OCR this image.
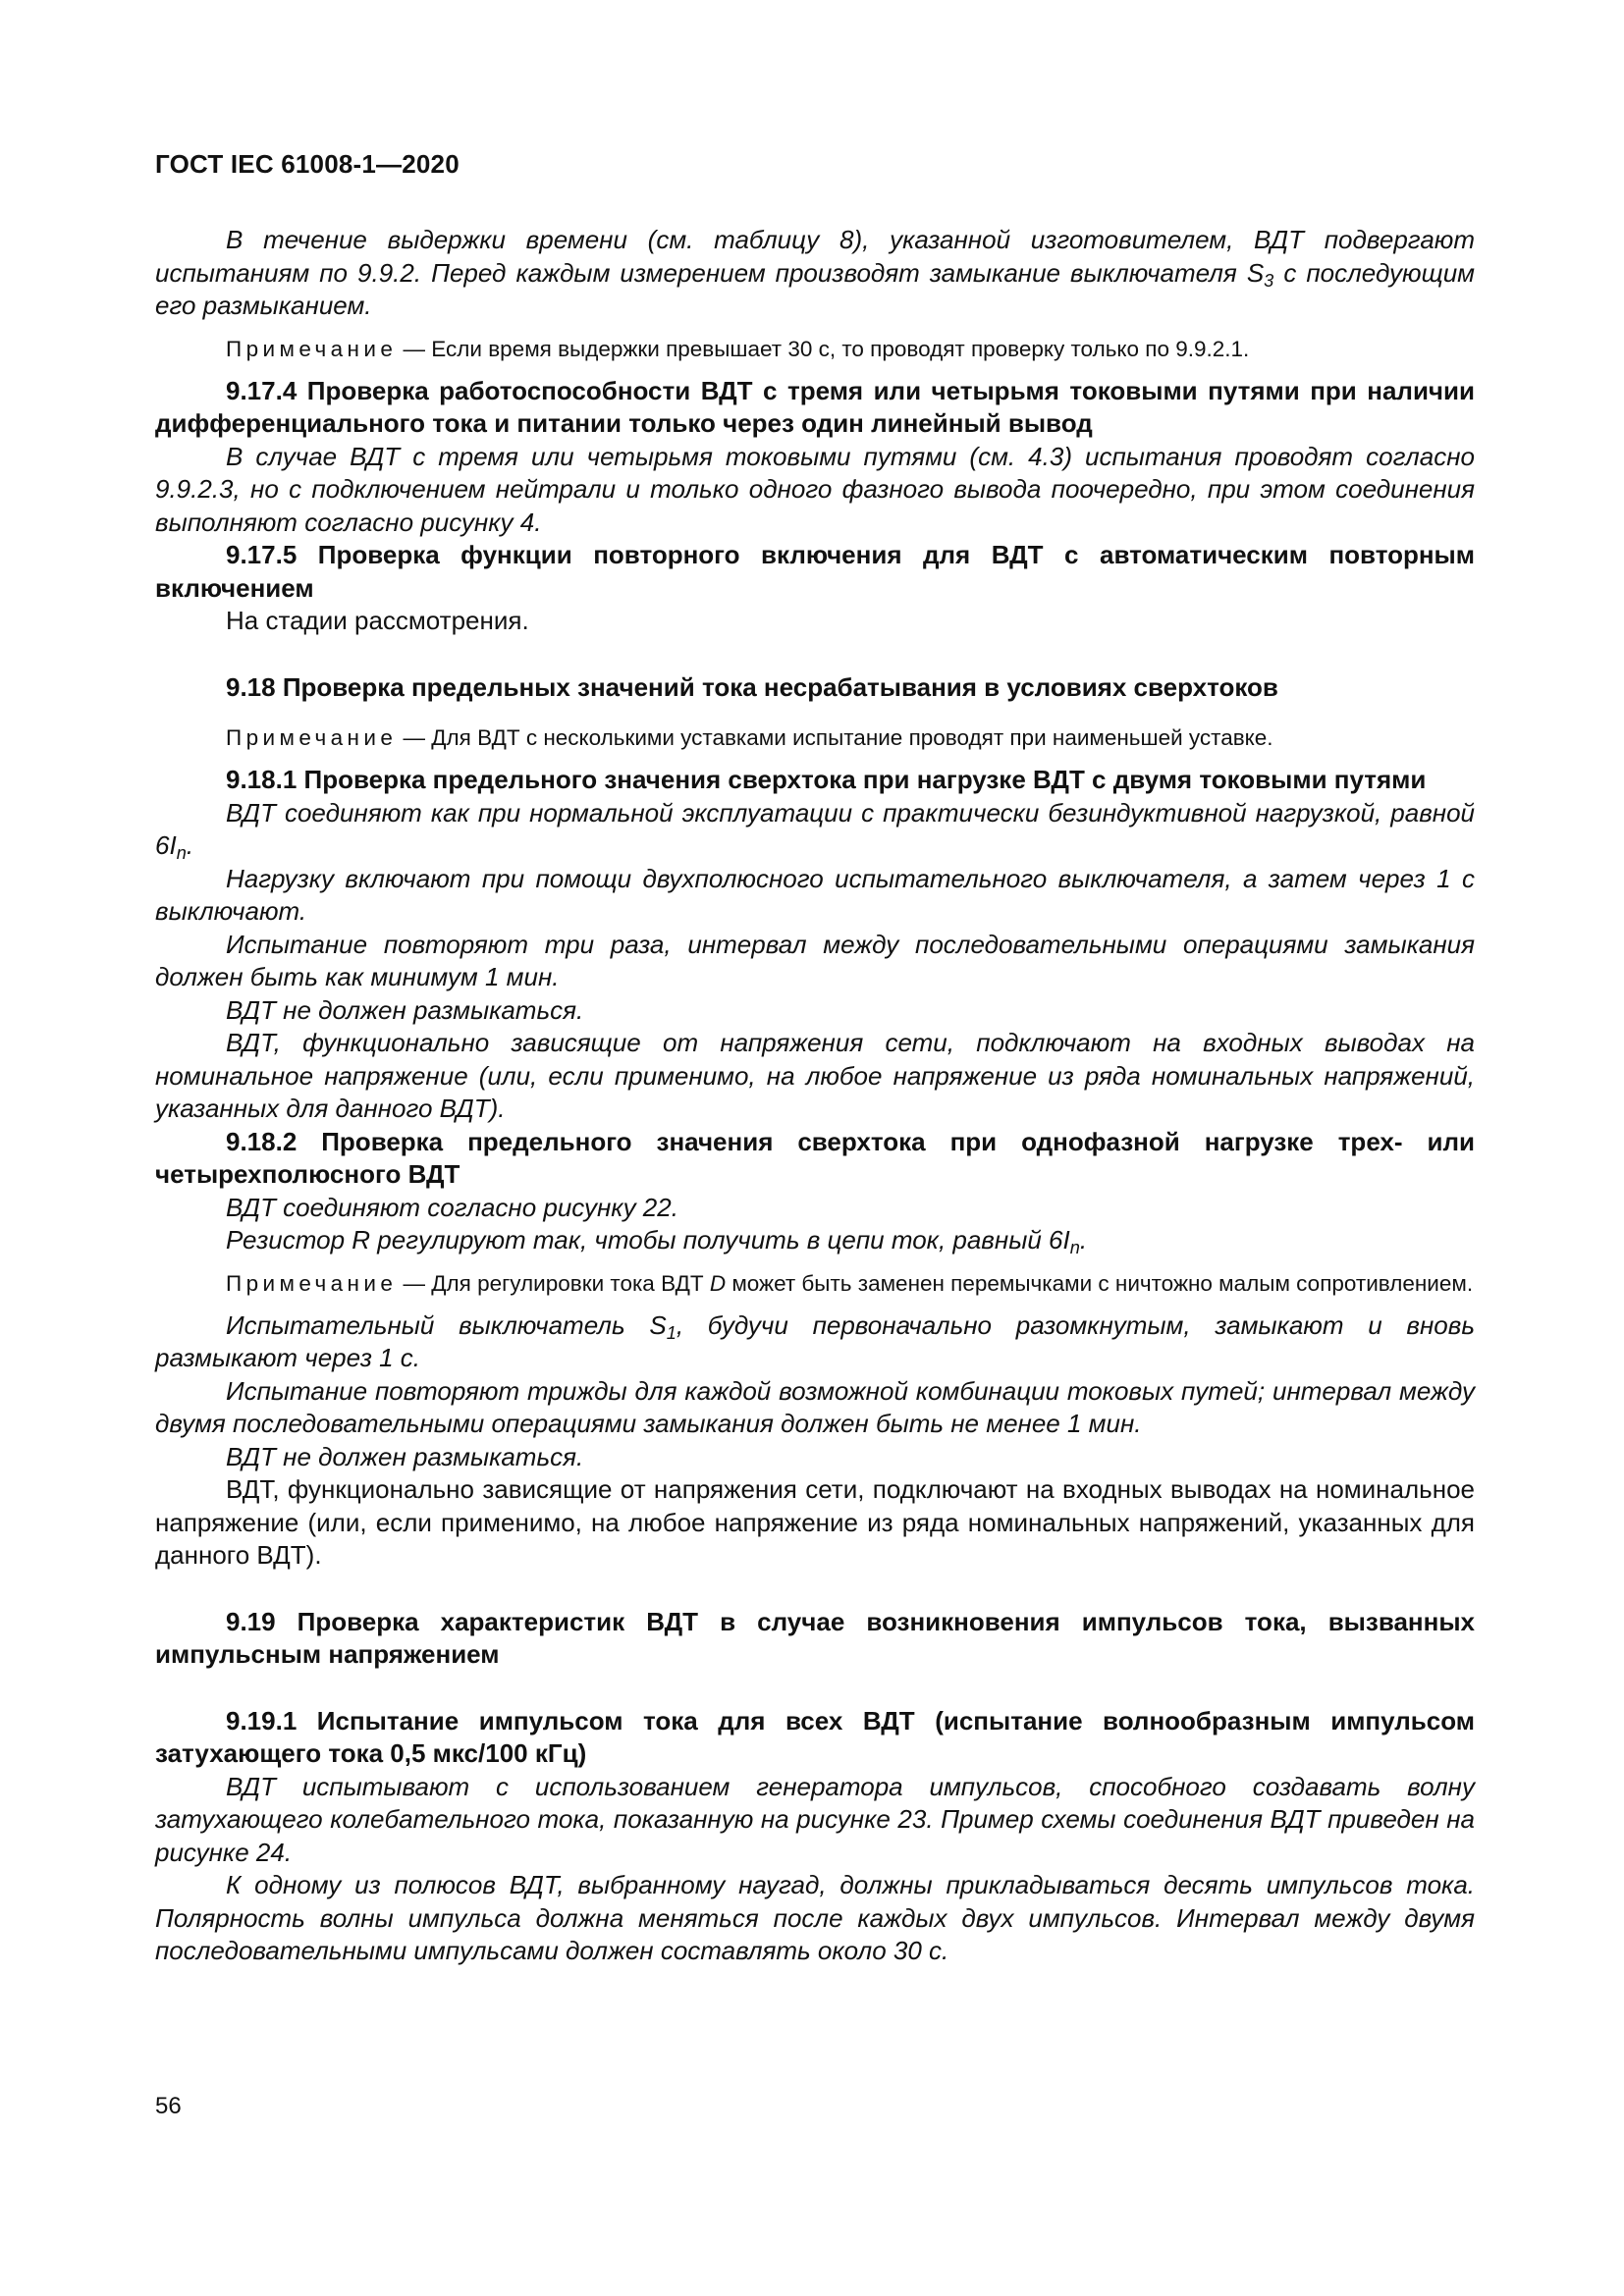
ГОСТ IEC 61008-1—2020

В течение выдержки времени (см. таблицу 8), указанной изготовителем, ВДТ подвергают испытаниям по 9.9.2. Перед каждым измерением производят замыкание выключателя $S_3$ с последующим его размыканием.

Примечание — Если время выдержки превышает 30 с, то проводят проверку только по 9.9.2.1.

9.17.4 Проверка работоспособности ВДТ с тремя или четырьмя токовыми путями при наличии дифференциального тока и питании только через один линейный вывод

В случае ВДТ с тремя или четырьмя токовыми путями (см. 4.3) испытания проводят согласно 9.9.2.3, но с подключением нейтрали и только одного фазного вывода поочередно, при этом соединения выполняют согласно рисунку 4.

9.17.5 Проверка функции повторного включения для ВДТ с автоматическим повторным включением

На стадии рассмотрения.

9.18 Проверка предельных значений тока несрабатывания в условиях сверхтоков

Примечание — Для ВДТ с несколькими уставками испытание проводят при наименьшей уставке.

9.18.1 Проверка предельного значения сверхтока при нагрузке ВДТ с двумя токовыми путями

ВДТ соединяют как при нормальной эксплуатации с практически безиндуктивной нагрузкой, равной $6I_n$.

Нагрузку включают при помощи двухполюсного испытательного выключателя, а затем через 1 с выключают.

Испытание повторяют три раза, интервал между последовательными операциями замыкания должен быть как минимум 1 мин.

ВДТ не должен размыкаться.

ВДТ, функционально зависящие от напряжения сети, подключают на входных выводах на номинальное напряжение (или, если применимо, на любое напряжение из ряда номинальных напряжений, указанных для данного ВДТ).

9.18.2 Проверка предельного значения сверхтока при однофазной нагрузке трех- или четырехполюсного ВДТ

ВДТ соединяют согласно рисунку 22.

Резистор R регулируют так, чтобы получить в цепи ток, равный $6I_n$.

Примечание — Для регулировки тока ВДТ D может быть заменен перемычками с ничтожно малым сопротивлением.

Испытательный выключатель $S_1$, будучи первоначально разомкнутым, замыкают и вновь размыкают через 1 с.

Испытание повторяют трижды для каждой возможной комбинации токовых путей; интервал между двумя последовательными операциями замыкания должен быть не менее 1 мин.

ВДТ не должен размыкаться.

ВДТ, функционально зависящие от напряжения сети, подключают на входных выводах на номинальное напряжение (или, если применимо, на любое напряжение из ряда номинальных напряжений, указанных для данного ВДТ).

9.19 Проверка характеристик ВДТ в случае возникновения импульсов тока, вызванных импульсным напряжением

9.19.1 Испытание импульсом тока для всех ВДТ (испытание волнообразным импульсом затухающего тока 0,5 мкс/100 кГц)

ВДТ испытывают с использованием генератора импульсов, способного создавать волну затухающего колебательного тока, показанную на рисунке 23. Пример схемы соединения ВДТ приведен на рисунке 24.

К одному из полюсов ВДТ, выбранному наугад, должны прикладываться десять импульсов тока. Полярность волны импульса должна меняться после каждых двух импульсов. Интервал между двумя последовательными импульсами должен составлять около 30 с.

56
